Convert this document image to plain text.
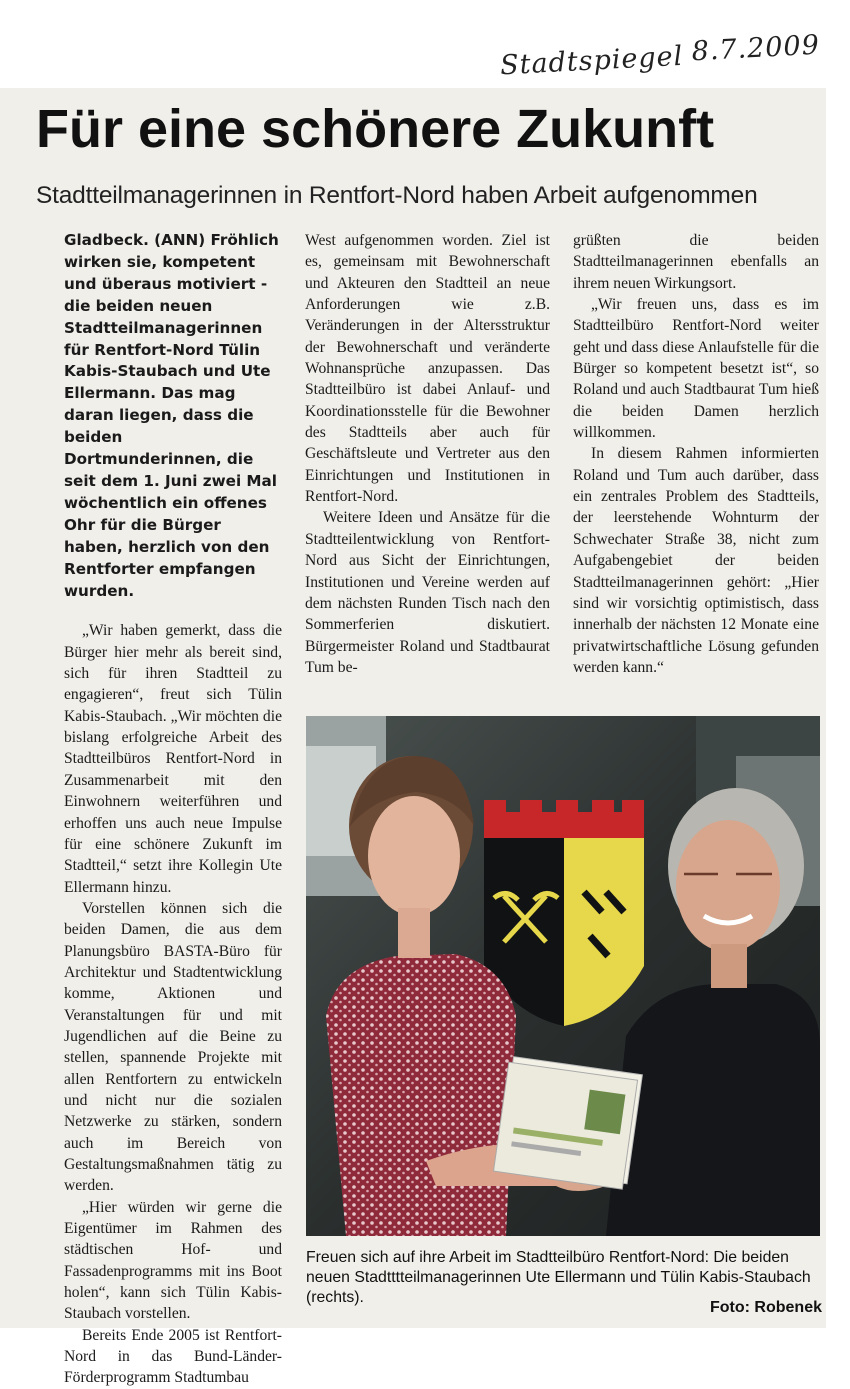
Stadtspiegel 8.7.2009
Für eine schönere Zukunft
Stadtteilmanagerinnen in Rentfort-Nord haben Arbeit aufgenommen

Gladbeck. (ANN) Fröhlich wirken sie, kompetent und überaus motiviert - die beiden neuen Stadtteilmanagerinnen für Rentfort-Nord Tülin Kabis-Staubach und Ute Ellermann. Das mag daran liegen, dass die beiden Dortmunderinnen, die seit dem 1. Juni zwei Mal wöchentlich ein offenes Ohr für die Bürger haben, herzlich von den Rentforter empfangen wurden.

„Wir haben gemerkt, dass die Bürger hier mehr als bereit sind, sich für ihren Stadtteil zu engagieren“, freut sich Tülin Kabis-Staubach. „Wir möchten die bislang erfolgreiche Arbeit des Stadtteilbüros Rentfort-Nord in Zusammenarbeit mit den Einwohnern weiterführen und erhoffen uns auch neue Impulse für eine schönere Zukunft im Stadtteil,“ setzt ihre Kollegin Ute Ellermann hinzu.

Vorstellen können sich die beiden Damen, die aus dem Planungsbüro BASTA-Büro für Architektur und Stadtentwicklung komme, Aktionen und Veranstaltungen für und mit Jugendlichen auf die Beine zu stellen, spannende Projekte mit allen Rentfortern zu entwickeln und nicht nur die sozialen Netzwerke zu stärken, sondern auch im Bereich von Gestaltungsmaßnahmen tätig zu werden.

„Hier würden wir gerne die Eigentümer im Rahmen des städtischen Hof- und Fassadenprogramms mit ins Boot holen“, kann sich Tülin Kabis-Staubach vorstellen.

Bereits Ende 2005 ist Rentfort-Nord in das Bund-Länder-Förderprogramm Stadtumbau

West aufgenommen worden. Ziel ist es, gemeinsam mit Bewohnerschaft und Akteuren den Stadtteil an neue Anforderungen wie z.B. Veränderungen in der Altersstruktur der Bewohnerschaft und veränderte Wohnansprüche anzupassen. Das Stadtteilbüro ist dabei Anlauf- und Koordinationsstelle für die Bewohner des Stadtteils aber auch für Geschäftsleute und Vertreter aus den Einrichtungen und Institutionen in Rentfort-Nord.

Weitere Ideen und Ansätze für die Stadtteilentwicklung von Rentfort-Nord aus Sicht der Einrichtungen, Institutionen und Vereine werden auf dem nächsten Runden Tisch nach den Sommerferien diskutiert. Bürgermeister Roland und Stadtbaurat Tum be-

grüßten die beiden Stadtteilmanagerinnen ebenfalls an ihrem neuen Wirkungsort.

„Wir freuen uns, dass es im Stadtteilbüro Rentfort-Nord weiter geht und dass diese Anlaufstelle für die Bürger so kompetent besetzt ist“, so Roland und auch Stadtbaurat Tum hieß die beiden Damen herzlich willkommen.

In diesem Rahmen informierten Roland und Tum auch darüber, dass ein zentrales Problem des Stadtteils, der leerstehende Wohnturm der Schwechater Straße 38, nicht zum Aufgabengebiet der beiden Stadtteilmanagerinnen gehört: „Hier sind wir vorsichtig optimistisch, dass innerhalb der nächsten 12 Monate eine privatwirtschaftliche Lösung gefunden werden kann.“

Freuen sich auf ihre Arbeit im Stadtteilbüro Rentfort-Nord: Die beiden neuen Stadtttteilmanagerinnen Ute Ellermann und Tülin Kabis-Staubach (rechts).
Foto: Robenek
